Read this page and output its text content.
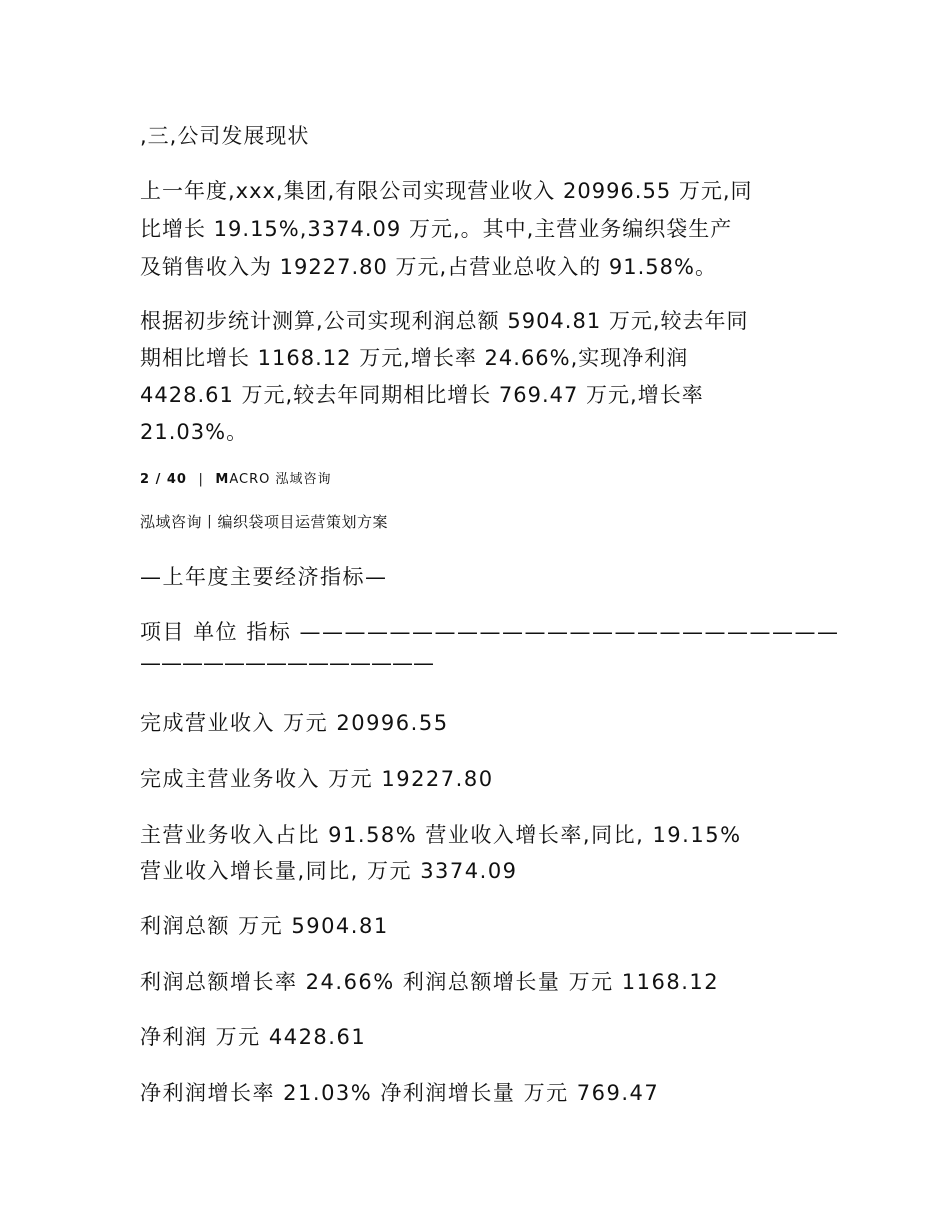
,三,公司发展现状
上一年度,xxx,集团,有限公司实现营业收入 20996.55 万元,同
比增长 19.15%,3374.09 万元,。其中,主营业务编织袋生产
及销售收入为 19227.80 万元,占营业总收入的 91.58%。
根据初步统计测算,公司实现利润总额 5904.81 万元,较去年同
期相比增长 1168.12 万元,增长率 24.66%,实现净利润
4428.61 万元,较去年同期相比增长 769.47 万元,增长率
21.03%。
2 / 40 | MACRO 泓域咨询
泓域咨询丨编织袋项目运营策划方案
—上年度主要经济指标—
项目 单位 指标 ————————————————————————
——————————————
完成营业收入 万元 20996.55
完成主营业务收入 万元 19227.80
主营业务收入占比 91.58% 营业收入增长率,同比, 19.15%
营业收入增长量,同比, 万元 3374.09
利润总额 万元 5904.81
利润总额增长率 24.66% 利润总额增长量 万元 1168.12
净利润 万元 4428.61
净利润增长率 21.03% 净利润增长量 万元 769.47
